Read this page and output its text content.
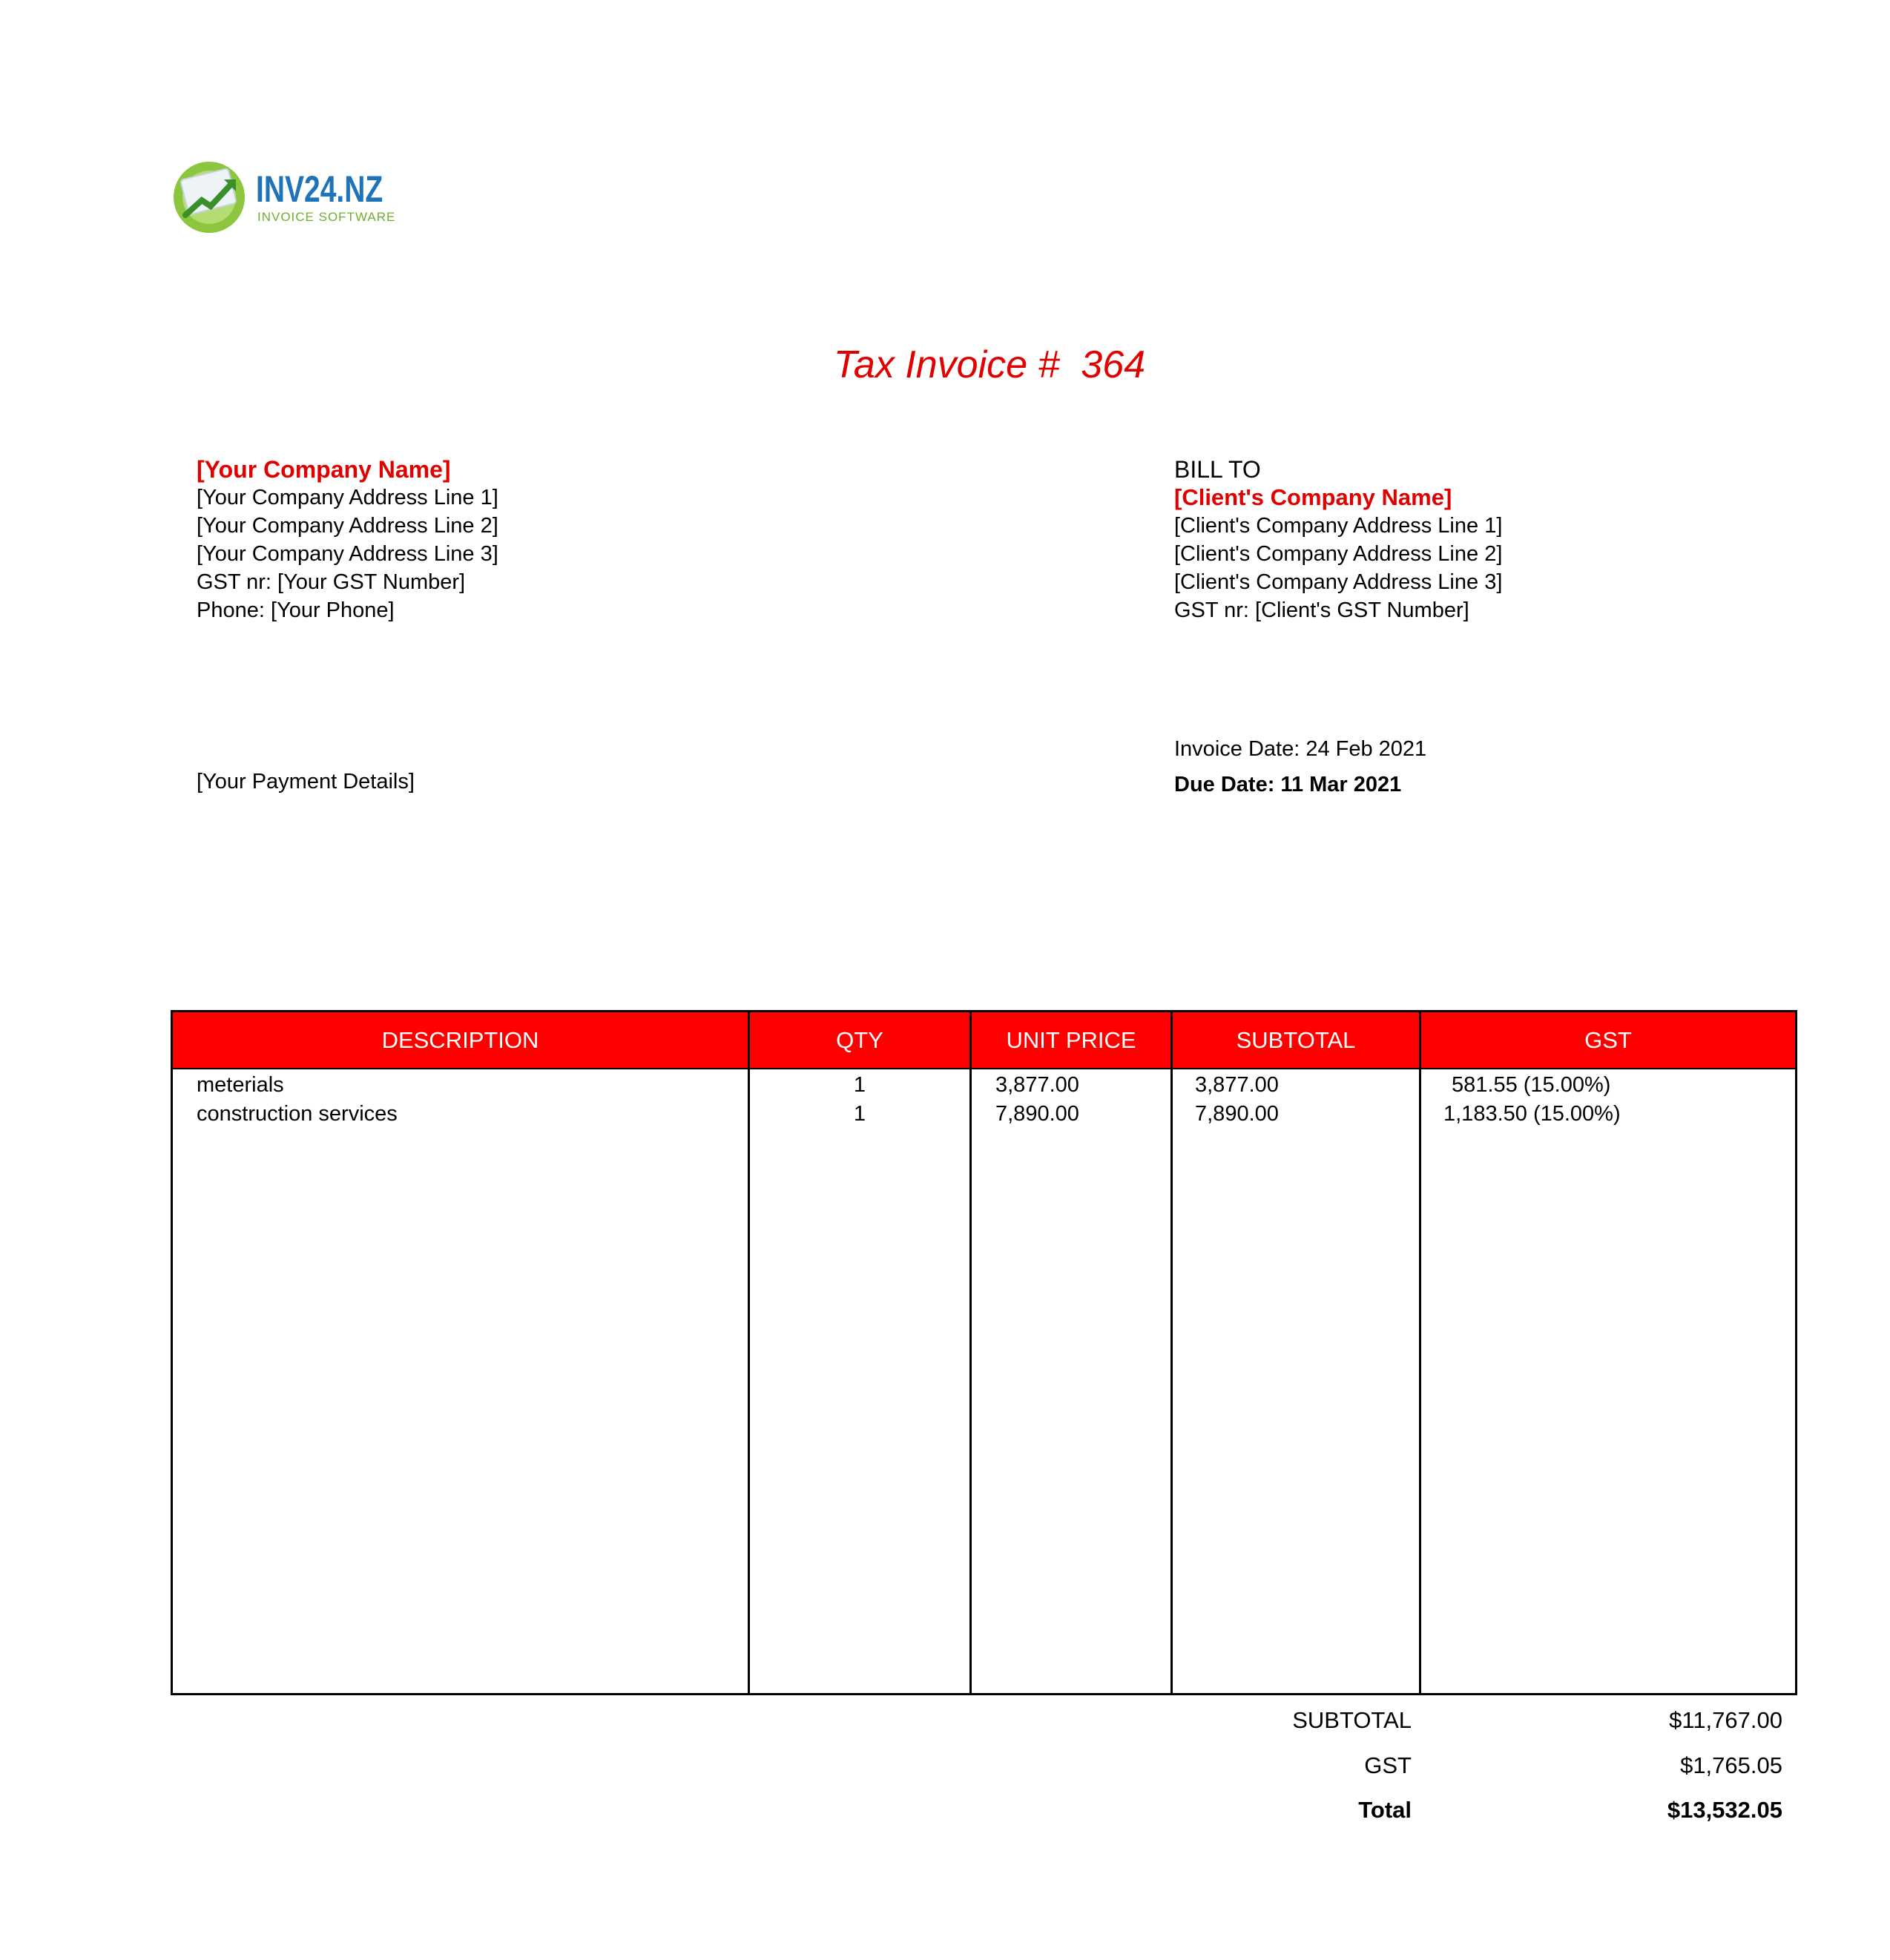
INV24.NZ
INVOICE SOFTWARE
Tax Invoice #  364
[Your Company Name]
[Your Company Address Line 1]
[Your Company Address Line 2]
[Your Company Address Line 3]
GST nr: [Your GST Number]
Phone: [Your Phone]
BILL TO
[Client's Company Name]
[Client's Company Address Line 1]
[Client's Company Address Line 2]
[Client's Company Address Line 3]
GST nr: [Client's GST Number]
[Your Payment Details]
Invoice Date: 24 Feb 2021
Due Date: 11 Mar 2021
DESCRIPTION	QTY	UNIT PRICE	SUBTOTAL	GST
meterials	1	3,877.00	3,877.00	581.55 (15.00%)
construction services	1	7,890.00	7,890.00	1,183.50 (15.00%)
SUBTOTAL	$11,767.00
GST	$1,765.05
Total	$13,532.05
